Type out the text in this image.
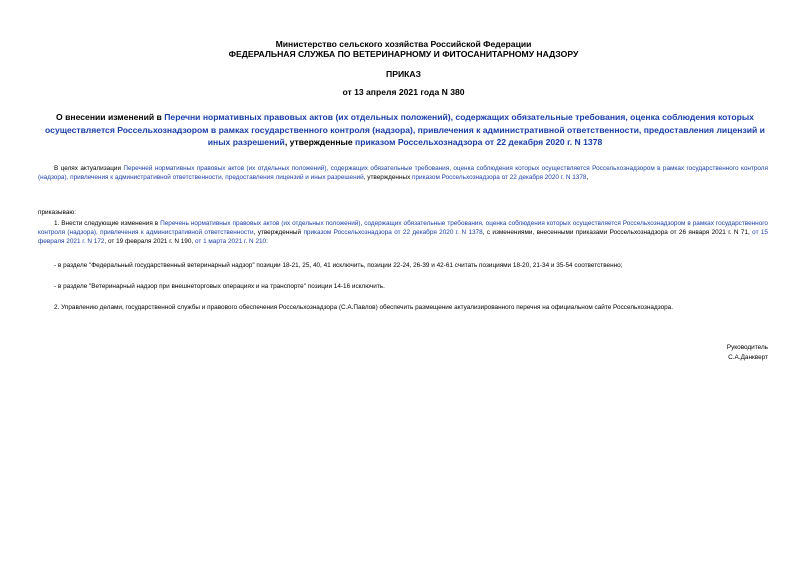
Министерство сельского хозяйства Российской Федерации
ФЕДЕРАЛЬНАЯ СЛУЖБА ПО ВЕТЕРИНАРНОМУ И ФИТОСАНИТАРНОМУ НАДЗОРУ
ПРИКАЗ
от 13 апреля 2021 года N 380
О внесении изменений в Перечни нормативных правовых актов (их отдельных положений), содержащих обязательные требования, оценка соблюдения которых осуществляется Россельхознадзором в рамках государственного контроля (надзора), привлечения к административной ответственности, предоставления лицензий и иных разрешений, утвержденные приказом Россельхознадзора от 22 декабря 2020 г. N 1378
В целях актуализации Перечней нормативных правовых актов (их отдельных положений), содержащих обязательные требования, оценка соблюдения которых осуществляется Россельхознадзором в рамках государственного контроля (надзора), привлечения к административной ответственности, предоставления лицензий и иных разрешений, утвержденных приказом Россельхознадзора от 22 декабря 2020 г. N 1378,
приказываю:
1. Внести следующие изменения в Перечень нормативных правовых актов (их отдельных положений), содержащих обязательные требования, оценка соблюдения которых осуществляется Россельхознадзором в рамках государственного контроля (надзора), привлечения к административной ответственности, утвержденный приказом Россельхознадзора от 22 декабря 2020 г. N 1378, с изменениями, внесенными приказами Россельхознадзора от 26 января 2021 г. N 71, от 15 февраля 2021 г. N 172, от 19 февраля 2021 г. N 190, от 1 марта 2021 г. N 210:
- в разделе "Федеральный государственный ветеринарный надзор" позиции 18-21, 25, 40, 41 исключить, позиции 22-24, 26-39 и 42-61 считать позициями 18-20, 21-34 и 35-54 соответственно;
- в разделе "Ветеринарный надзор при внешнеторговых операциях и на транспорте" позиции 14-16 исключить.
2. Управлению делами, государственной службы и правового обеспечения Россельхознадзора (С.А.Павлов) обеспечить размещение актуализированного перечня на официальном сайте Россельхознадзора.
Руководитель
С.А.Данкверт
